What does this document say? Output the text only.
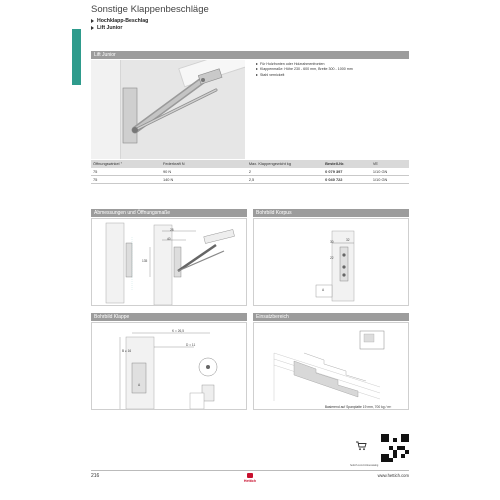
Sonstige Klappenbeschläge
Hochklapp-Beschlag
Lift Junior
Lift Junior
Für Holzfronten oder Holzrahmenfronten
Klappenmaße: Höhe 230 - 600 mm, Breite 300 - 1000 mm
Stahl vernickelt
Öffnungswinkel °	Federkraft N	Max. Klappengewicht kg	Bestell-Nr.	VE
75	90 N	2	0 079 397	1/10 GN
75	140 N	2,5	0 040 722	1/10 GN
Abmessungen und Öffnungsmaße
28
40
135
Bohrbild Korpus
30	32
22
A
Bohrbild Klappe
K = 26,5
B ≥ 16
D = 11
A
Einsatzbereich
Basierend auf Spanplatte 19 mm, 700 kg / m³
hettich.com/onlinecatalog
216
Hettich
www.hettich.com
